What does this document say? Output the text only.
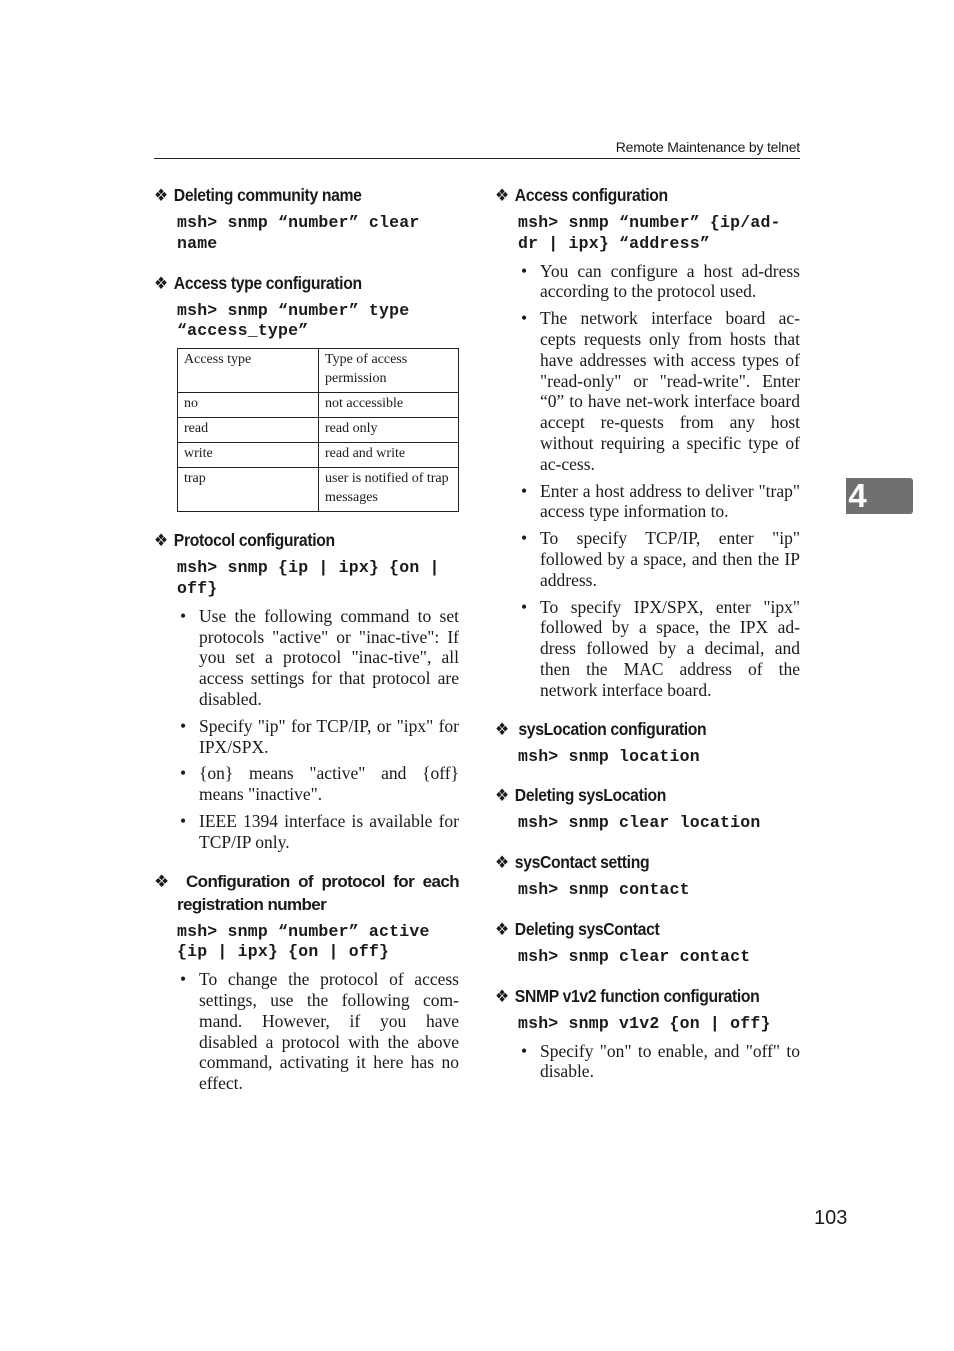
Remote Maintenance by telnet
4
❖ Deleting community name
msh> snmp “number” clear
name
❖ Access type configuration
msh> snmp “number” type
“access_type”
Access type	Type of access permission
no	not accessible
read	read only
write	read and write
trap	user is notified of trap messages
❖ Protocol configuration
msh> snmp {ip | ipx} {on |
off}
• Use the following command to set protocols "active" or "inac-tive": If you set a protocol "inac-tive", all access settings for that protocol are disabled.
• Specify "ip" for TCP/IP, or "ipx" for IPX/SPX.
• {on} means "active" and {off} means "inactive".
• IEEE 1394 interface is available for TCP/IP only.
❖	Configuration of protocol for each
registration number
msh> snmp “number” active
{ip | ipx} {on | off}
• To change the protocol of access settings, use the following com-mand. However, if you have disabled a protocol with the above command, activating it here has no effect.
❖ Access configuration
msh> snmp “number” {ip/ad-
dr | ipx} “address”
• You can configure a host ad-dress according to the protocol used.
• The network interface board ac-cepts requests only from hosts that have addresses with access types of "read-only" or "read-write". Enter “0” to have net-work interface board accept re-quests from any host without requiring a specific type of ac-cess.
• Enter a host address to deliver "trap" access type information to.
• To specify TCP/IP, enter "ip" followed by a space, and then the IP address.
• To specify IPX/SPX, enter "ipx" followed by a space, the IPX ad-dress followed by a decimal, and then the MAC address of the network interface board.
❖ sysLocation configuration
msh> snmp location
❖ Deleting sysLocation
msh> snmp clear location
❖ sysContact setting
msh> snmp contact
❖ Deleting sysContact
msh> snmp clear contact
❖ SNMP v1v2 function configuration
msh> snmp v1v2 {on | off}
• Specify "on" to enable, and "off" to disable.
103
